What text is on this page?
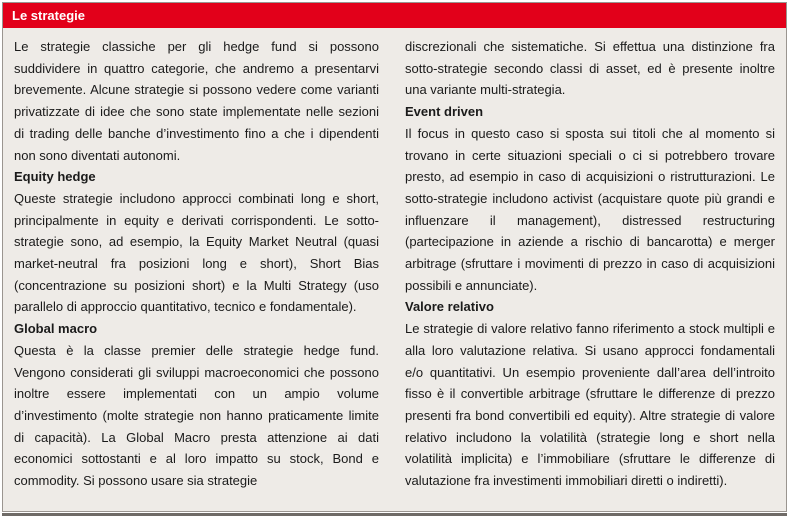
Le strategie

Le strategie classiche per gli hedge fund si possono suddividere in quattro categorie, che andremo a presentarvi brevemente. Alcune strategie si possono vedere come varianti privatizzate di idee che sono state implementate nelle sezioni di trading delle banche d’investimento fino a che i dipendenti non sono diventati autonomi.

Equity hedge

Queste strategie includono approcci combinati long e short, principalmente in equity e derivati corrispondenti. Le sotto-strategie sono, ad esempio, la Equity Market Neutral (quasi market-neutral fra posizioni long e short), Short Bias (concentrazione su posizioni short) e la Multi Strategy (uso parallelo di approccio quantitativo, tecnico e fondamentale).

Global macro

Questa è la classe premier delle strategie hedge fund. Vengono considerati gli sviluppi macroeconomici che possono inoltre essere implementati con un ampio volume d’investimento (molte strategie non hanno praticamente limite di capacità). La Global Macro presta attenzione ai dati economici sottostanti e al loro impatto su stock, Bond e commodity. Si possono usare sia strategie

discrezionali che sistematiche. Si effettua una distinzione fra sotto-strategie secondo classi di asset, ed è presente inoltre una variante multi-strategia.

Event driven

Il focus in questo caso si sposta sui titoli che al momento si trovano in certe situazioni speciali o ci si potrebbero trovare presto, ad esempio in caso di acquisizioni o ristrutturazioni. Le sotto-strategie includono activist (acquistare quote più grandi e influenzare il management), distressed restructuring (partecipazione in aziende a rischio di bancarotta) e merger arbitrage (sfruttare i movimenti di prezzo in caso di acquisizioni possibili e annunciate).

Valore relativo

Le strategie di valore relativo fanno riferimento a stock multipli e alla loro valutazione relativa. Si usano approcci fondamentali e/o quantitativi. Un esempio proveniente dall’area dell’introito fisso è il convertible arbitrage (sfruttare le differenze di prezzo presenti fra bond convertibili ed equity). Altre strategie di valore relativo includono la volatilità (strategie long e short nella volatilità implicita) e l’immobiliare (sfruttare le differenze di valutazione fra investimenti immobiliari diretti o indiretti).
